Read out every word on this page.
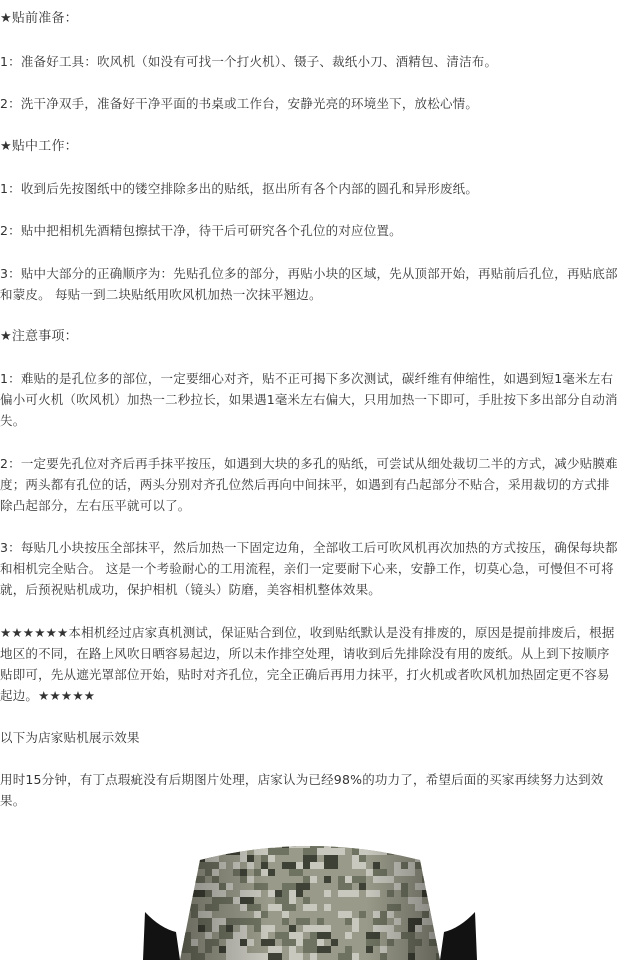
★贴前准备：

1：准备好工具：吹风机（如没有可找一个打火机）、镊子、裁纸小刀、酒精包、清洁布。

2：洗干净双手，准备好干净平面的书桌或工作台，安静光亮的环境坐下，放松心情。

★贴中工作：

1：收到后先按图纸中的镂空排除多出的贴纸，抠出所有各个内部的圆孔和异形废纸。

2：贴中把相机先酒精包擦拭干净，待干后可研究各个孔位的对应位置。

3：贴中大部分的正确顺序为：先贴孔位多的部分，再贴小块的区域，先从顶部开始，再贴前后孔位，再贴底部和蒙皮。 每贴一到二块贴纸用吹风机加热一次抹平翘边。

★注意事项：

1：难贴的是孔位多的部位，一定要细心对齐，贴不正可揭下多次测试，碳纤维有伸缩性，如遇到短1毫米左右偏小可火机（吹风机）加热一二秒拉长，如果遇1毫米左右偏大，只用加热一下即可，手肚按下多出部分自动消失。

2：一定要先孔位对齐后再手抹平按压，如遇到大块的多孔的贴纸，可尝试从细处裁切二半的方式，减少贴膜难度；两头都有孔位的话，两头分别对齐孔位然后再向中间抹平，如遇到有凸起部分不贴合，采用裁切的方式排除凸起部分，左右压平就可以了。

3：每贴几小块按压全部抹平，然后加热一下固定边角，全部收工后可吹风机再次加热的方式按压，确保每块都和相机完全贴合。 这是一个考验耐心的工用流程，亲们一定要耐下心来，安静工作，切莫心急，可慢但不可将就，后预祝贴机成功，保护相机（镜头）防磨，美容相机整体效果。

★★★★★★本相机经过店家真机测试，保证贴合到位，收到贴纸默认是没有排废的，原因是提前排废后，根据地区的不同，在路上风吹日晒容易起边，所以未作排空处理，请收到后先排除没有用的废纸。从上到下按顺序贴即可，先从遮光罩部位开始，贴时对齐孔位，完全正确后再用力抹平，打火机或者吹风机加热固定更不容易起边。★★★★★

以下为店家贴机展示效果

用时15分钟，有丁点瑕疵没有后期图片处理，店家认为已经98%的功力了，希望后面的买家再续努力达到效果。
